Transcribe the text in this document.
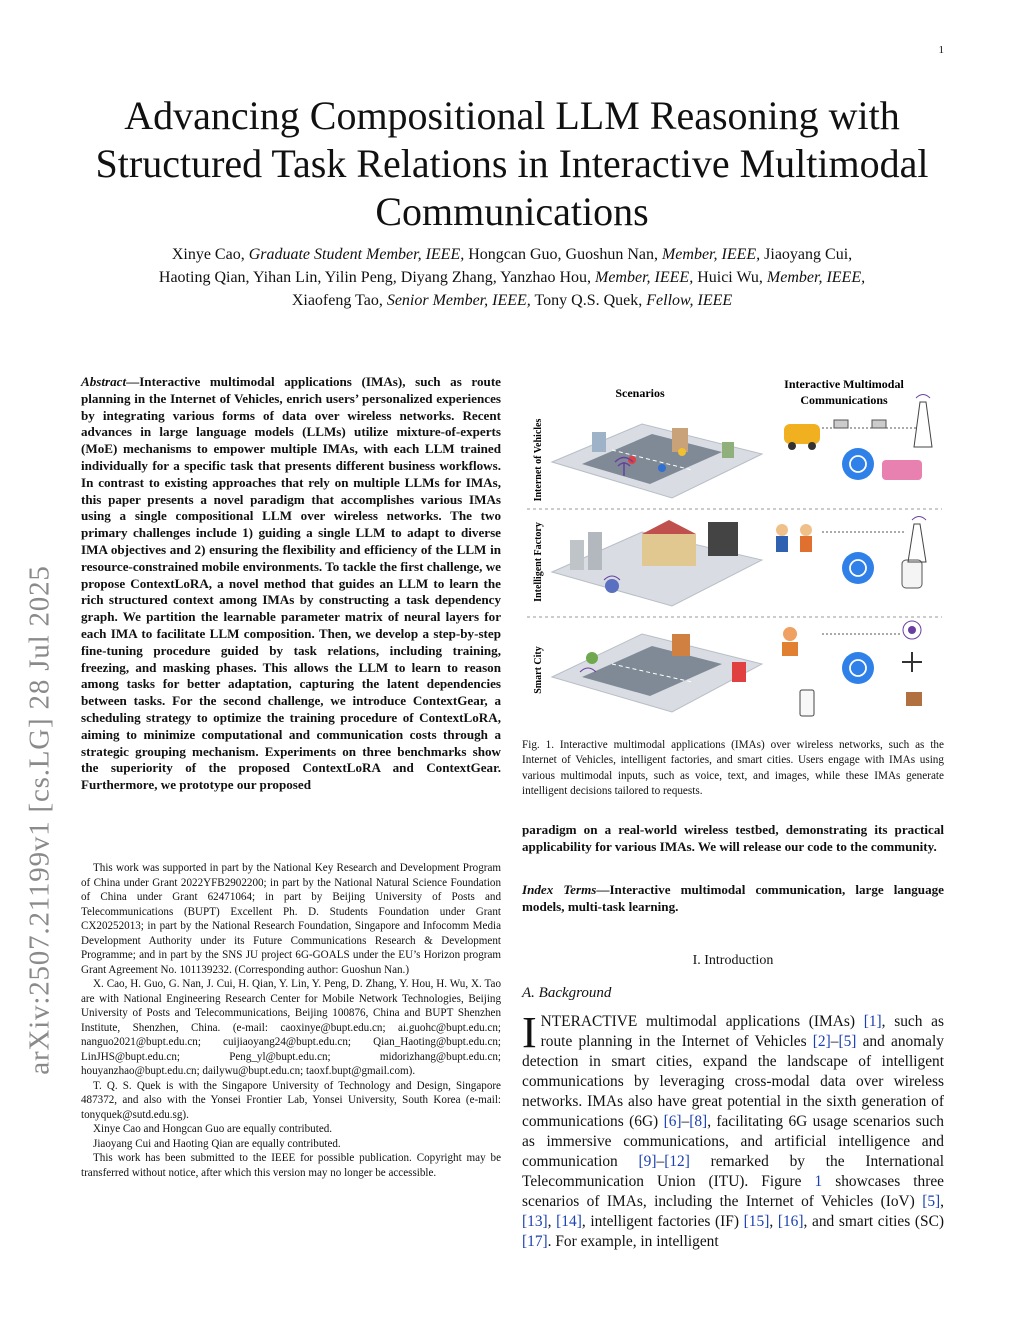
1
arXiv:2507.21199v1 [cs.LG] 28 Jul 2025
Advancing Compositional LLM Reasoning with Structured Task Relations in Interactive Multimodal Communications
Xinye Cao, Graduate Student Member, IEEE, Hongcan Guo, Guoshun Nan, Member, IEEE, Jiaoyang Cui,
Haoting Qian, Yihan Lin, Yilin Peng, Diyang Zhang, Yanzhao Hou, Member, IEEE, Huici Wu, Member, IEEE,
Xiaofeng Tao, Senior Member, IEEE, Tony Q.S. Quek, Fellow, IEEE
Abstract—Interactive multimodal applications (IMAs), such as route planning in the Internet of Vehicles, enrich users’ personalized experiences by integrating various forms of data over wireless networks. Recent advances in large language models (LLMs) utilize mixture-of-experts (MoE) mechanisms to empower multiple IMAs, with each LLM trained individually for a specific task that presents different business workflows. In contrast to existing approaches that rely on multiple LLMs for IMAs, this paper presents a novel paradigm that accomplishes various IMAs using a single compositional LLM over wireless networks. The two primary challenges include 1) guiding a single LLM to adapt to diverse IMA objectives and 2) ensuring the flexibility and efficiency of the LLM in resource-constrained mobile environments. To tackle the first challenge, we propose ContextLoRA, a novel method that guides an LLM to learn the rich structured context among IMAs by constructing a task dependency graph. We partition the learnable parameter matrix of neural layers for each IMA to facilitate LLM composition. Then, we develop a step-by-step fine-tuning procedure guided by task relations, including training, freezing, and masking phases. This allows the LLM to learn to reason among tasks for better adaptation, capturing the latent dependencies between tasks. For the second challenge, we introduce ContextGear, a scheduling strategy to optimize the training procedure of ContextLoRA, aiming to minimize computational and communication costs through a strategic grouping mechanism. Experiments on three benchmarks show the superiority of the proposed ContextLoRA and ContextGear. Furthermore, we prototype our proposed

This work was supported in part by the National Key Research and Development Program of China under Grant 2022YFB2902200; in part by the National Natural Science Foundation of China under Grant 62471064; in part by Beijing University of Posts and Telecommunications (BUPT) Excellent Ph. D. Students Foundation under Grant CX20252013; in part by the National Research Foundation, Singapore and Infocomm Media Development Authority under its Future Communications Research & Development Programme; and in part by the SNS JU project 6G-GOALS under the EU’s Horizon program Grant Agreement No. 101139232. (Corresponding author: Guoshun Nan.)

X. Cao, H. Guo, G. Nan, J. Cui, H. Qian, Y. Lin, Y. Peng, D. Zhang, Y. Hou, H. Wu, X. Tao are with National Engineering Research Center for Mobile Network Technologies, Beijing University of Posts and Telecommunications, Beijing 100876, China and BUPT Shenzhen Institute, Shenzhen, China. (e-mail: caoxinye@bupt.edu.cn; ai.guohc@bupt.edu.cn; nanguo2021@bupt.edu.cn; cuijiaoyang24@bupt.edu.cn; Qian_Haoting@bupt.edu.cn; LinJHS@bupt.edu.cn; Peng_yl@bupt.edu.cn; midorizhang@bupt.edu.cn; houyanzhao@bupt.edu.cn; dailywu@bupt.edu.cn; taoxf.bupt@gmail.com).

T. Q. S. Quek is with the Singapore University of Technology and Design, Singapore 487372, and also with the Yonsei Frontier Lab, Yonsei University, South Korea (e-mail: tonyquek@sutd.edu.sg).

Xinye Cao and Hongcan Guo are equally contributed.

Jiaoyang Cui and Haoting Qian are equally contributed.

This work has been submitted to the IEEE for possible publication. Copyright may be transferred without notice, after which this version may no longer be accessible.

Scenarios
Interactive Multimodal
Communications
Internet of Vehicles
Intelligent Factory
Smart City
Fig. 1. Interactive multimodal applications (IMAs) over wireless networks, such as the Internet of Vehicles, intelligent factories, and smart cities. Users engage with IMAs using various multimodal inputs, such as voice, text, and images, while these IMAs generate intelligent decisions tailored to requests.
paradigm on a real-world wireless testbed, demonstrating its practical applicability for various IMAs. We will release our code to the community.
Index Terms—Interactive multimodal communication, large language models, multi-task learning.
I. Introduction
A. Background
I NTERACTIVE multimodal applications (IMAs) [1], such as route planning in the Internet of Vehicles [2]–[5] and anomaly detection in smart cities, expand the landscape of intelligent communications by leveraging cross-modal data over wireless networks. IMAs also have great potential in the sixth generation of communications (6G) [6]–[8], facilitating 6G usage scenarios such as immersive communications, and artificial intelligence and communication [9]–[12] remarked by the International Telecommunication Union (ITU). Figure 1 showcases three scenarios of IMAs, including the Internet of Vehicles (IoV) [5], [13], [14], intelligent factories (IF) [15], [16], and smart cities (SC) [17]. For example, in intelligent
